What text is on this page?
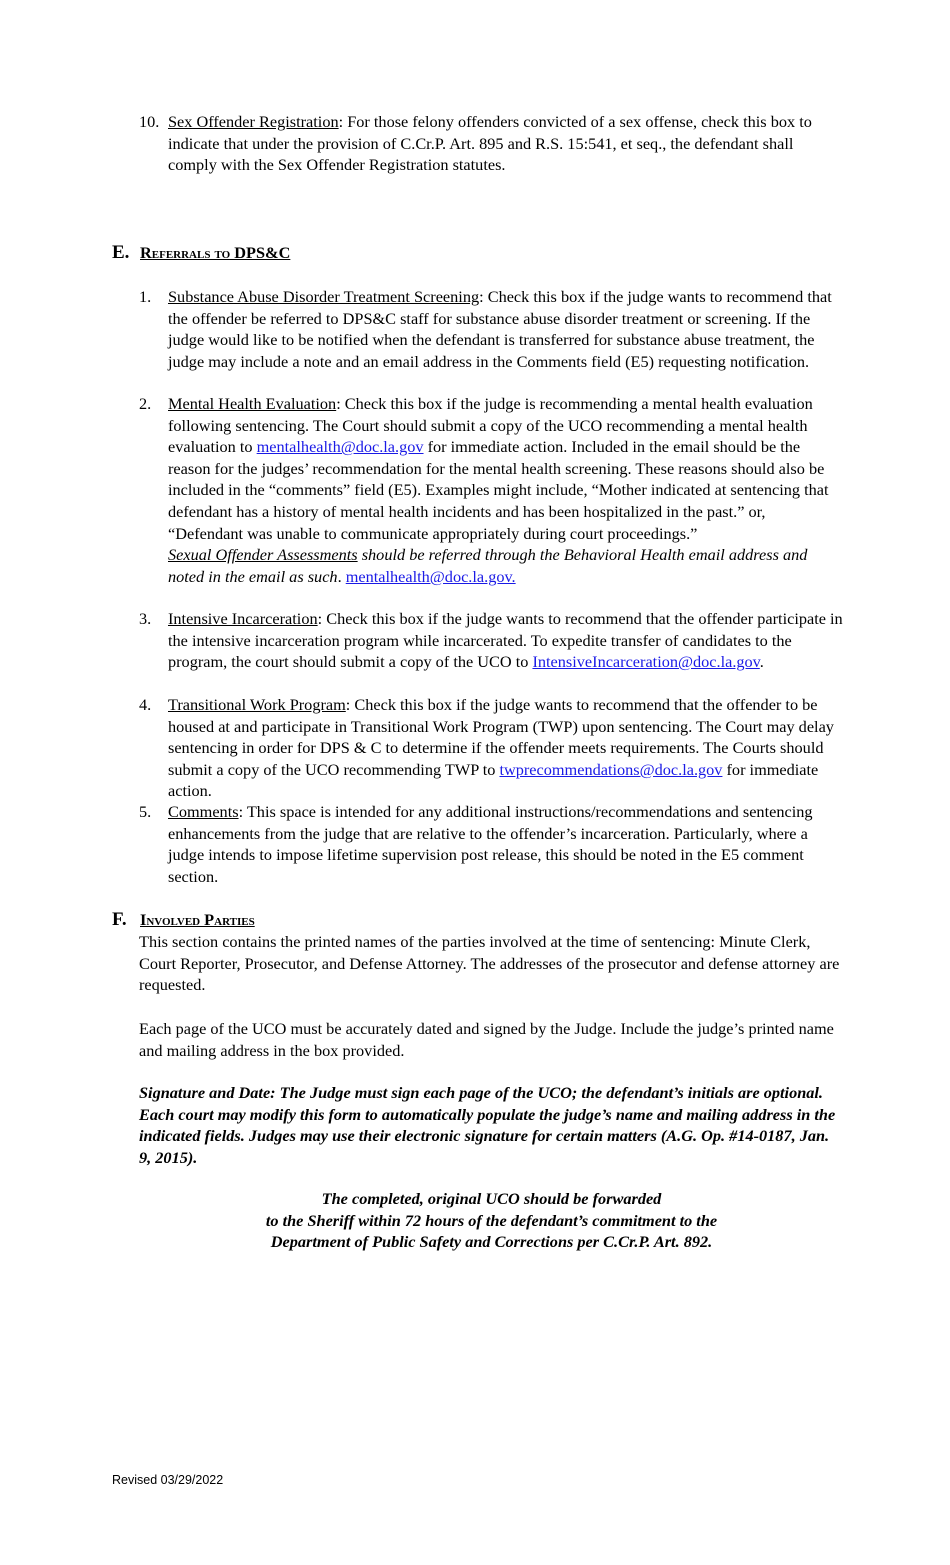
10. Sex Offender Registration: For those felony offenders convicted of a sex offense, check this box to indicate that under the provision of C.Cr.P. Art. 895 and R.S. 15:541, et seq., the defendant shall comply with the Sex Offender Registration statutes.
E. Referrals to DPS&C
1. Substance Abuse Disorder Treatment Screening: Check this box if the judge wants to recommend that the offender be referred to DPS&C staff for substance abuse disorder treatment or screening. If the judge would like to be notified when the defendant is transferred for substance abuse treatment, the judge may include a note and an email address in the Comments field (E5) requesting notification.
2. Mental Health Evaluation: Check this box if the judge is recommending a mental health evaluation following sentencing. The Court should submit a copy of the UCO recommending a mental health evaluation to mentalhealth@doc.la.gov for immediate action. Included in the email should be the reason for the judges’ recommendation for the mental health screening. These reasons should also be included in the “comments” field (E5). Examples might include, “Mother indicated at sentencing that defendant has a history of mental health incidents and has been hospitalized in the past.” or, “Defendant was unable to communicate appropriately during court proceedings.”
Sexual Offender Assessments should be referred through the Behavioral Health email address and noted in the email as such. mentalhealth@doc.la.gov.
3. Intensive Incarceration: Check this box if the judge wants to recommend that the offender participate in the intensive incarceration program while incarcerated. To expedite transfer of candidates to the program, the court should submit a copy of the UCO to IntensiveIncarceration@doc.la.gov.
4. Transitional Work Program: Check this box if the judge wants to recommend that the offender to be housed at and participate in Transitional Work Program (TWP) upon sentencing. The Court may delay sentencing in order for DPS & C to determine if the offender meets requirements. The Courts should submit a copy of the UCO recommending TWP to twprecommendations@doc.la.gov for immediate action.
5. Comments: This space is intended for any additional instructions/recommendations and sentencing enhancements from the judge that are relative to the offender’s incarceration. Particularly, where a judge intends to impose lifetime supervision post release, this should be noted in the E5 comment section.
F. Involved Parties
This section contains the printed names of the parties involved at the time of sentencing: Minute Clerk, Court Reporter, Prosecutor, and Defense Attorney. The addresses of the prosecutor and defense attorney are requested.
Each page of the UCO must be accurately dated and signed by the Judge. Include the judge’s printed name and mailing address in the box provided.
Signature and Date: The Judge must sign each page of the UCO; the defendant’s initials are optional. Each court may modify this form to automatically populate the judge’s name and mailing address in the indicated fields. Judges may use their electronic signature for certain matters (A.G. Op. #14-0187, Jan. 9, 2015).
The completed, original UCO should be forwarded
to the Sheriff within 72 hours of the defendant’s commitment to the
Department of Public Safety and Corrections per C.Cr.P. Art. 892.
Revised 03/29/2022
